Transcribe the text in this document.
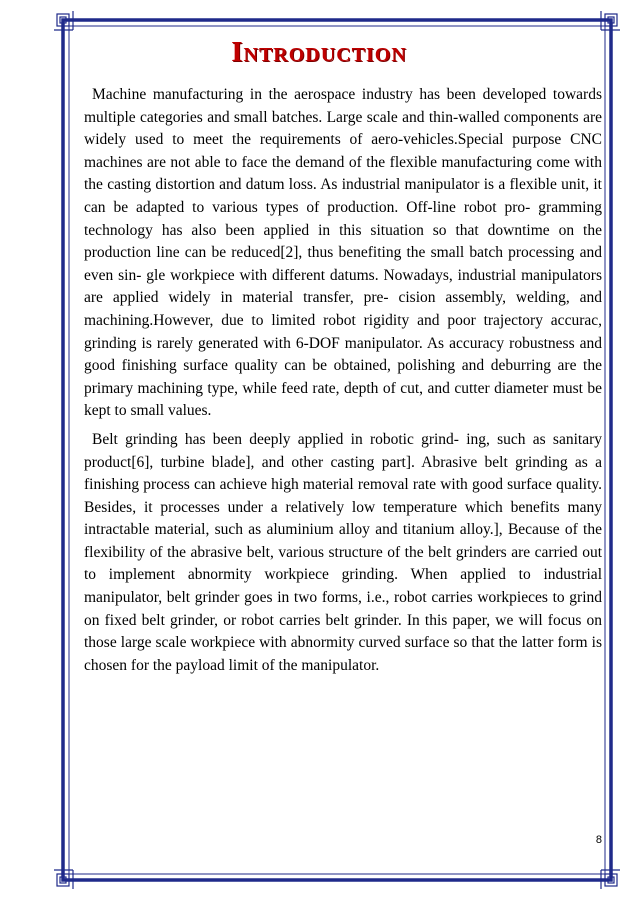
Introduction

Machine manufacturing in the aerospace industry has been developed towards multiple categories and small batches. Large scale and thin-walled components are widely used to meet the requirements of aero-vehicles.Special purpose CNC machines are not able to face the demand of the flexible manufacturing come with the casting distortion and datum loss. As industrial manipulator is a flexible unit, it can be adapted to various types of production. Off-line robot pro- gramming technology has also been applied in this situation so that downtime on the production line can be reduced[2], thus benefiting the small batch processing and even sin- gle workpiece with different datums. Nowadays, industrial manipulators are applied widely in material transfer, pre- cision assembly, welding, and machining.However, due to limited robot rigidity and poor trajectory accurac, grinding is rarely generated with 6-DOF manipulator. As accuracy robustness and good finishing surface quality can be obtained, polishing and deburring are the primary machining type, while feed rate, depth of cut, and cutter diameter must be kept to small values.

Belt grinding has been deeply applied in robotic grind- ing, such as sanitary product[6], turbine blade], and other casting part]. Abrasive belt grinding as a finishing process can achieve high material removal rate with good surface quality. Besides, it processes under a relatively low temperature which benefits many intractable material, such as aluminium alloy and titanium alloy.], Because of the flexibility of the abrasive belt, various structure of the belt grinders are carried out to implement abnormity workpiece grinding. When applied to industrial manipulator, belt grinder goes in two forms, i.e., robot carries workpieces to grind on fixed belt grinder, or robot carries belt grinder. In this paper, we will focus on those large scale workpiece with abnormity curved surface so that the latter form is chosen for the payload limit of the manipulator.

8
